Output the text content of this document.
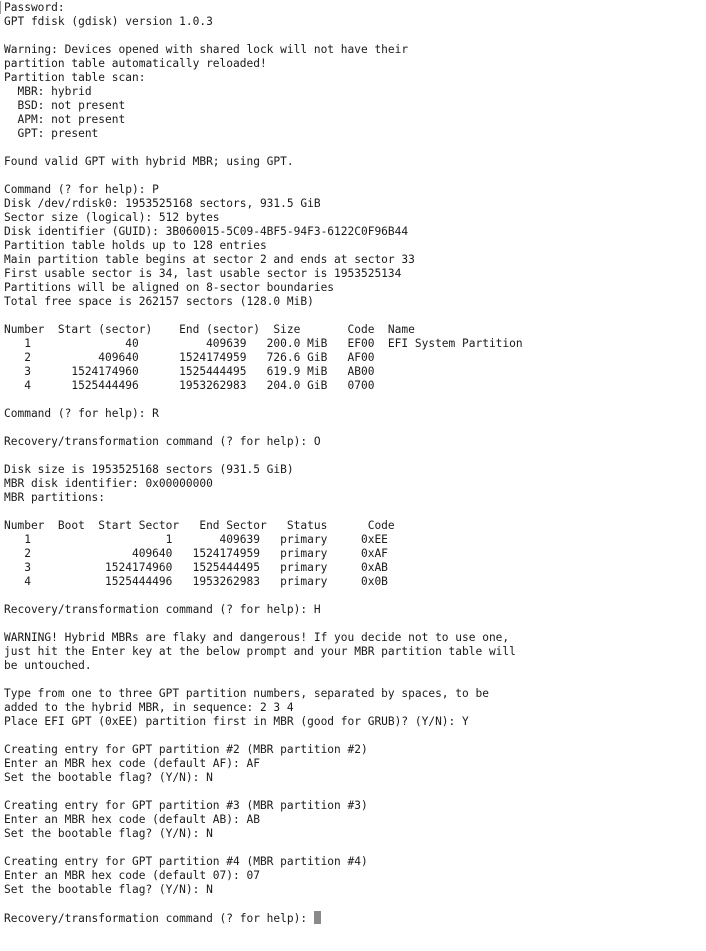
Password:
GPT fdisk (gdisk) version 1.0.3
Warning: Devices opened with shared lock will not have their
partition table automatically reloaded!
Partition table scan:
MBR: hybrid
BSD: not present
APM: not present
GPT: present
Found valid GPT with hybrid MBR; using GPT.
Command (? for help): P
Disk /dev/rdisk0: 1953525168 sectors, 931.5 GiB
Sector size (logical): 512 bytes
Disk identifier (GUID): 3B060015-5C09-4BF5-94F3-6122C0F96B44
Partition table holds up to 128 entries
Main partition table begins at sector 2 and ends at sector 33
First usable sector is 34, last usable sector is 1953525134
Partitions will be aligned on 8-sector boundaries
Total free space is 262157 sectors (128.0 MiB)
Number  Start (sector)    End (sector)  Size       Code  Name
1              40          409639   200.0 MiB   EF00  EFI System Partition
2          409640      1524174959   726.6 GiB   AF00
3      1524174960      1525444495   619.9 MiB   AB00
4      1525444496      1953262983   204.0 GiB   0700
Command (? for help): R
Recovery/transformation command (? for help): O
Disk size is 1953525168 sectors (931.5 GiB)
MBR disk identifier: 0x00000000
MBR partitions:
Number  Boot  Start Sector   End Sector   Status      Code
1                    1       409639   primary     0xEE
2               409640   1524174959   primary     0xAF
3           1524174960   1525444495   primary     0xAB
4           1525444496   1953262983   primary     0x0B
Recovery/transformation command (? for help): H
WARNING! Hybrid MBRs are flaky and dangerous! If you decide not to use one,
just hit the Enter key at the below prompt and your MBR partition table will
be untouched.
Type from one to three GPT partition numbers, separated by spaces, to be
added to the hybrid MBR, in sequence: 2 3 4
Place EFI GPT (0xEE) partition first in MBR (good for GRUB)? (Y/N): Y
Creating entry for GPT partition #2 (MBR partition #2)
Enter an MBR hex code (default AF): AF
Set the bootable flag? (Y/N): N
Creating entry for GPT partition #3 (MBR partition #3)
Enter an MBR hex code (default AB): AB
Set the bootable flag? (Y/N): N
Creating entry for GPT partition #4 (MBR partition #4)
Enter an MBR hex code (default 07): 07
Set the bootable flag? (Y/N): N
Recovery/transformation command (? for help):
